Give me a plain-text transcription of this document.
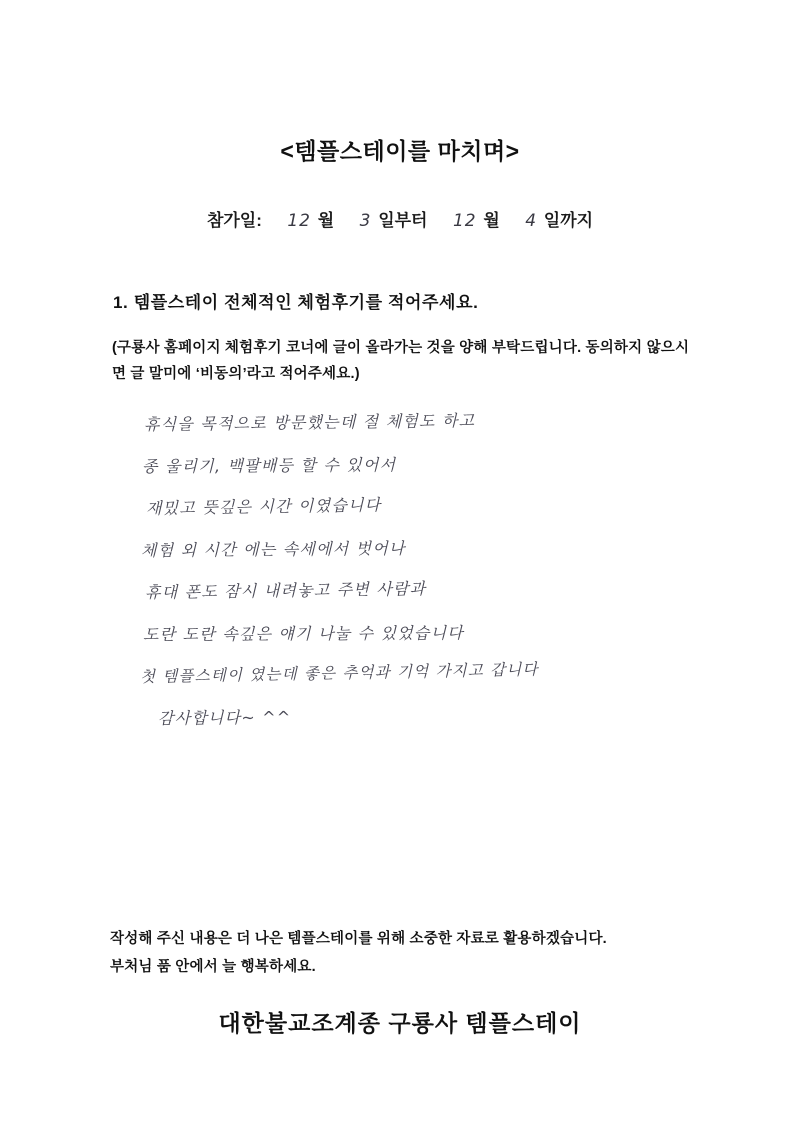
<템플스테이를 마치며>
참가일: 12 월 3 일부터 12 월 4 일까지
1. 템플스테이 전체적인 체험후기를 적어주세요.
(구룡사 홈페이지 체험후기 코너에 글이 올라가는 것을 양해 부탁드립니다. 동의하지 않으시면 글 말미에 ‘비동의’라고 적어주세요.)
휴식을 목적으로 방문했는데 절 체험도 하고
종 울리기, 백팔배등 할 수 있어서
재밌고 뜻깊은 시간 이였습니다
체험 외 시간 에는 속세에서 벗어나
휴대 폰도 잠시 내려놓고 주변 사람과
도란 도란 속깊은 얘기 나눌 수 있었습니다
첫 템플스테이 였는데 좋은 추억과 기억 가지고 갑니다
감사합니다~ ^^
작성해 주신 내용은 더 나은 템플스테이를 위해 소중한 자료로 활용하겠습니다.
부처님 품 안에서 늘 행복하세요.
대한불교조계종 구룡사 템플스테이
